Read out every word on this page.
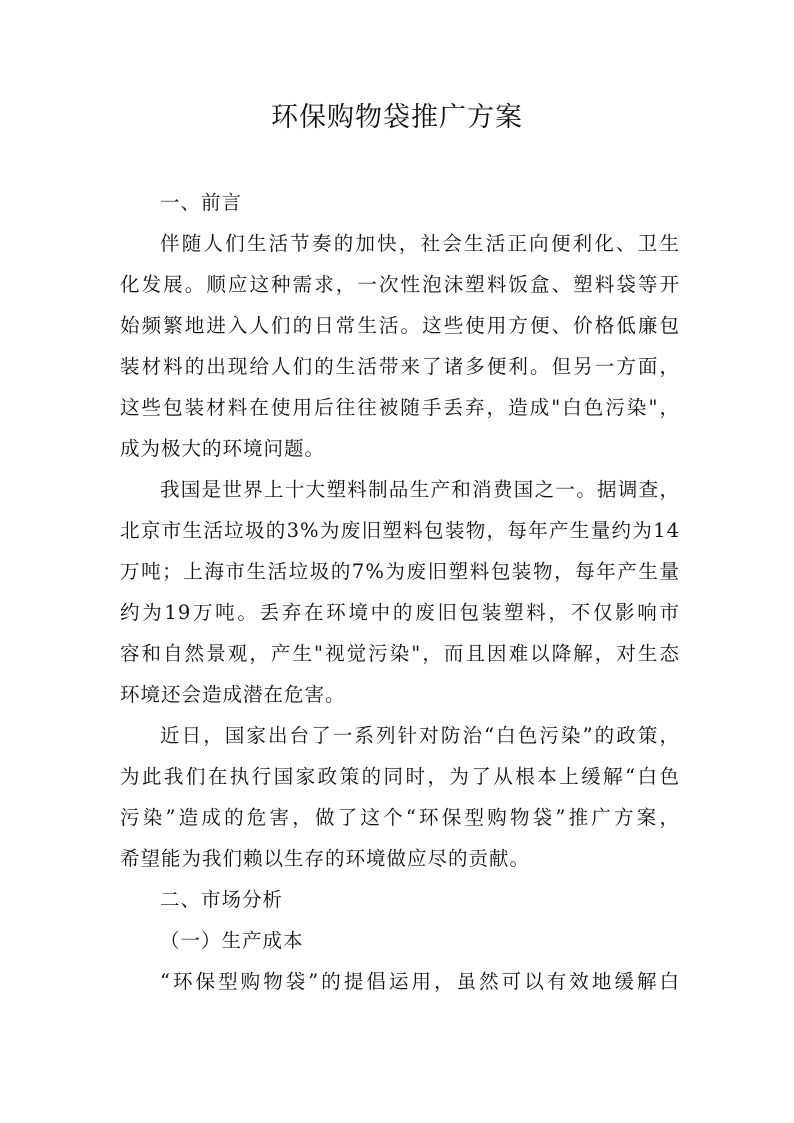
环保购物袋推广方案
一、前言
伴随人们生活节奏的加快，社会生活正向便利化、卫生
化发展。顺应这种需求，一次性泡沫塑料饭盒、塑料袋等开
始频繁地进入人们的日常生活。这些使用方便、价格低廉包
装材料的出现给人们的生活带来了诸多便利。但另一方面，
这些包装材料在使用后往往被随手丢弃，造成"白色污染"，
成为极大的环境问题。
我国是世界上十大塑料制品生产和消费国之一。据调查，
北京市生活垃圾的3%为废旧塑料包装物，每年产生量约为14
万吨；上海市生活垃圾的7%为废旧塑料包装物，每年产生量
约为19万吨。丢弃在环境中的废旧包装塑料，不仅影响市
容和自然景观，产生"视觉污染"，而且因难以降解，对生态
环境还会造成潜在危害。
近日，国家出台了一系列针对防治“白色污染”的政策，
为此我们在执行国家政策的同时，为了从根本上缓解“白色
污染”造成的危害，做了这个“环保型购物袋”推广方案，
希望能为我们赖以生存的环境做应尽的贡献。
二、市场分析
（一）生产成本
“环保型购物袋”的提倡运用，虽然可以有效地缓解白
